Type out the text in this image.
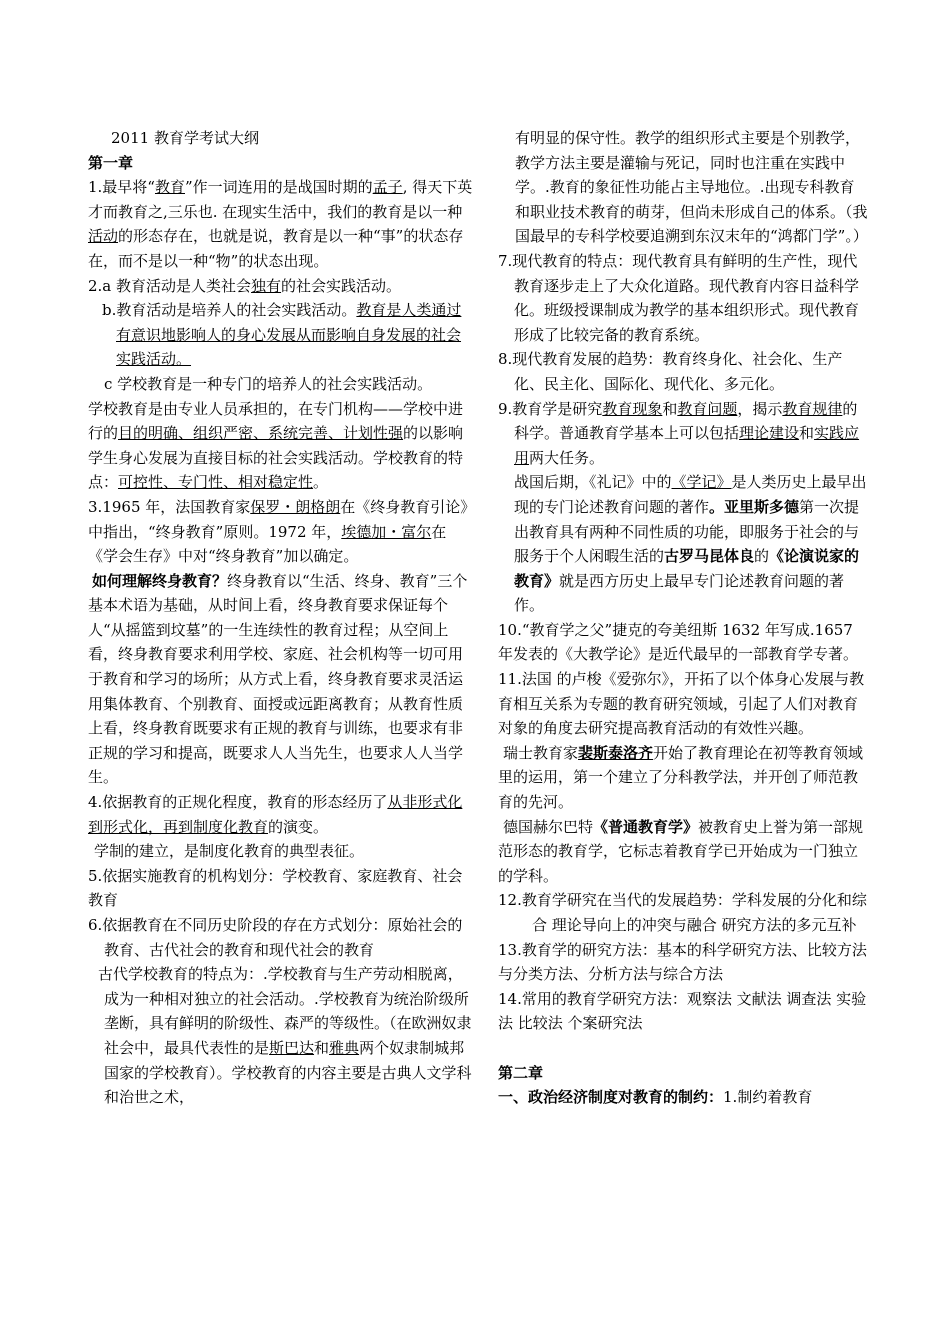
2011 教育学考试大纲

第一章

1.最早将“教育”作一词连用的是战国时期的孟子, 得天下英才而教育之,三乐也. 在现实生活中，我们的教育是以一种活动的形态存在，也就是说，教育是以一种“事”的状态存在，而不是以一种“物”的状态出现。

2.a 教育活动是人类社会独有的社会实践活动。

b.教育活动是培养人的社会实践活动。教育是人类通过有意识地影响人的身心发展从而影响自身发展的社会实践活动。

c 学校教育是一种专门的培养人的社会实践活动。

学校教育是由专业人员承担的，在专门机构——学校中进行的目的明确、组织严密、系统完善、计划性强的以影响学生身心发展为直接目标的社会实践活动。学校教育的特点：可控性、专门性、相对稳定性。

3.1965 年，法国教育家保罗・朗格朗在《终身教育引论》中指出，“终身教育”原则。1972 年，埃德加・富尔在《学会生存》中对“终身教育”加以确定。

如何理解终身教育？终身教育以“生活、终身、教育”三个基本术语为基础，从时间上看，终身教育要求保证每个人“从摇篮到坟墓”的一生连续性的教育过程；从空间上看，终身教育要求利用学校、家庭、社会机构等一切可用于教育和学习的场所；从方式上看，终身教育要求灵活运用集体教育、个别教育、面授或远距离教育；从教育性质上看，终身教育既要求有正规的教育与训练，也要求有非正规的学习和提高，既要求人人当先生，也要求人人当学生。

4.依据教育的正规化程度，教育的形态经历了从非形式化到形式化，再到制度化教育的演变。

学制的建立，是制度化教育的典型表征。

5.依据实施教育的机构划分：学校教育、家庭教育、社会教育

6.依据教育在不同历史阶段的存在方式划分：原始社会的教育、古代社会的教育和现代社会的教育

古代学校教育的特点为：.学校教育与生产劳动相脱离，成为一种相对独立的社会活动。.学校教育为统治阶级所垄断，具有鲜明的阶级性、森严的等级性。（在欧洲奴隶社会中，最具代表性的是斯巴达和雅典两个奴隶制城邦国家的学校教育）。学校教育的内容主要是古典人文学科和治世之术，

有明显的保守性。教学的组织形式主要是个别教学，教学方法主要是灌输与死记，同时也注重在实践中学。.教育的象征性功能占主导地位。.出现专科教育和职业技术教育的萌芽，但尚未形成自己的体系。（我国最早的专科学校要追溯到东汉末年的“鸿都门学”。）

7.现代教育的特点：现代教育具有鲜明的生产性，现代教育逐步走上了大众化道路。现代教育内容日益科学化。班级授课制成为教学的基本组织形式。现代教育形成了比较完备的教育系统。

8.现代教育发展的趋势：教育终身化、社会化、生产化、民主化、国际化、现代化、多元化。

9.教育学是研究教育现象和教育问题，揭示教育规律的科学。普通教育学基本上可以包括理论建设和实践应用两大任务。

战国后期，《礼记》中的《学记》是人类历史上最早出现的专门论述教育问题的著作。亚里斯多德第一次提出教育具有两种不同性质的功能，即服务于社会的与服务于个人闲暇生活的古罗马昆体良的《论演说家的教育》就是西方历史上最早专门论述教育问题的著作。

10.“教育学之父”捷克的夸美纽斯 1632 年写成.1657 年发表的《大教学论》是近代最早的一部教育学专著。

11.法国 的卢梭《爱弥尔》，开拓了以个体身心发展与教育相互关系为专题的教育研究领域，引起了人们对教育对象的角度去研究提高教育活动的有效性兴趣。

瑞士教育家裴斯泰洛齐开始了教育理论在初等教育领域里的运用，第一个建立了分科教学法，并开创了师范教育的先河。

德国赫尔巴特《普通教育学》被教育史上誉为第一部规范形态的教育学，它标志着教育学已开始成为一门独立的学科。

12.教育学研究在当代的发展趋势：学科发展的分化和综合 理论导向上的冲突与融合 研究方法的多元互补

13.教育学的研究方法：基本的科学研究方法、比较方法与分类方法、分析方法与综合方法

14.常用的教育学研究方法：观察法 文献法 调查法 实验法 比较法 个案研究法

第二章

一、政治经济制度对教育的制约：1.制约着教育
